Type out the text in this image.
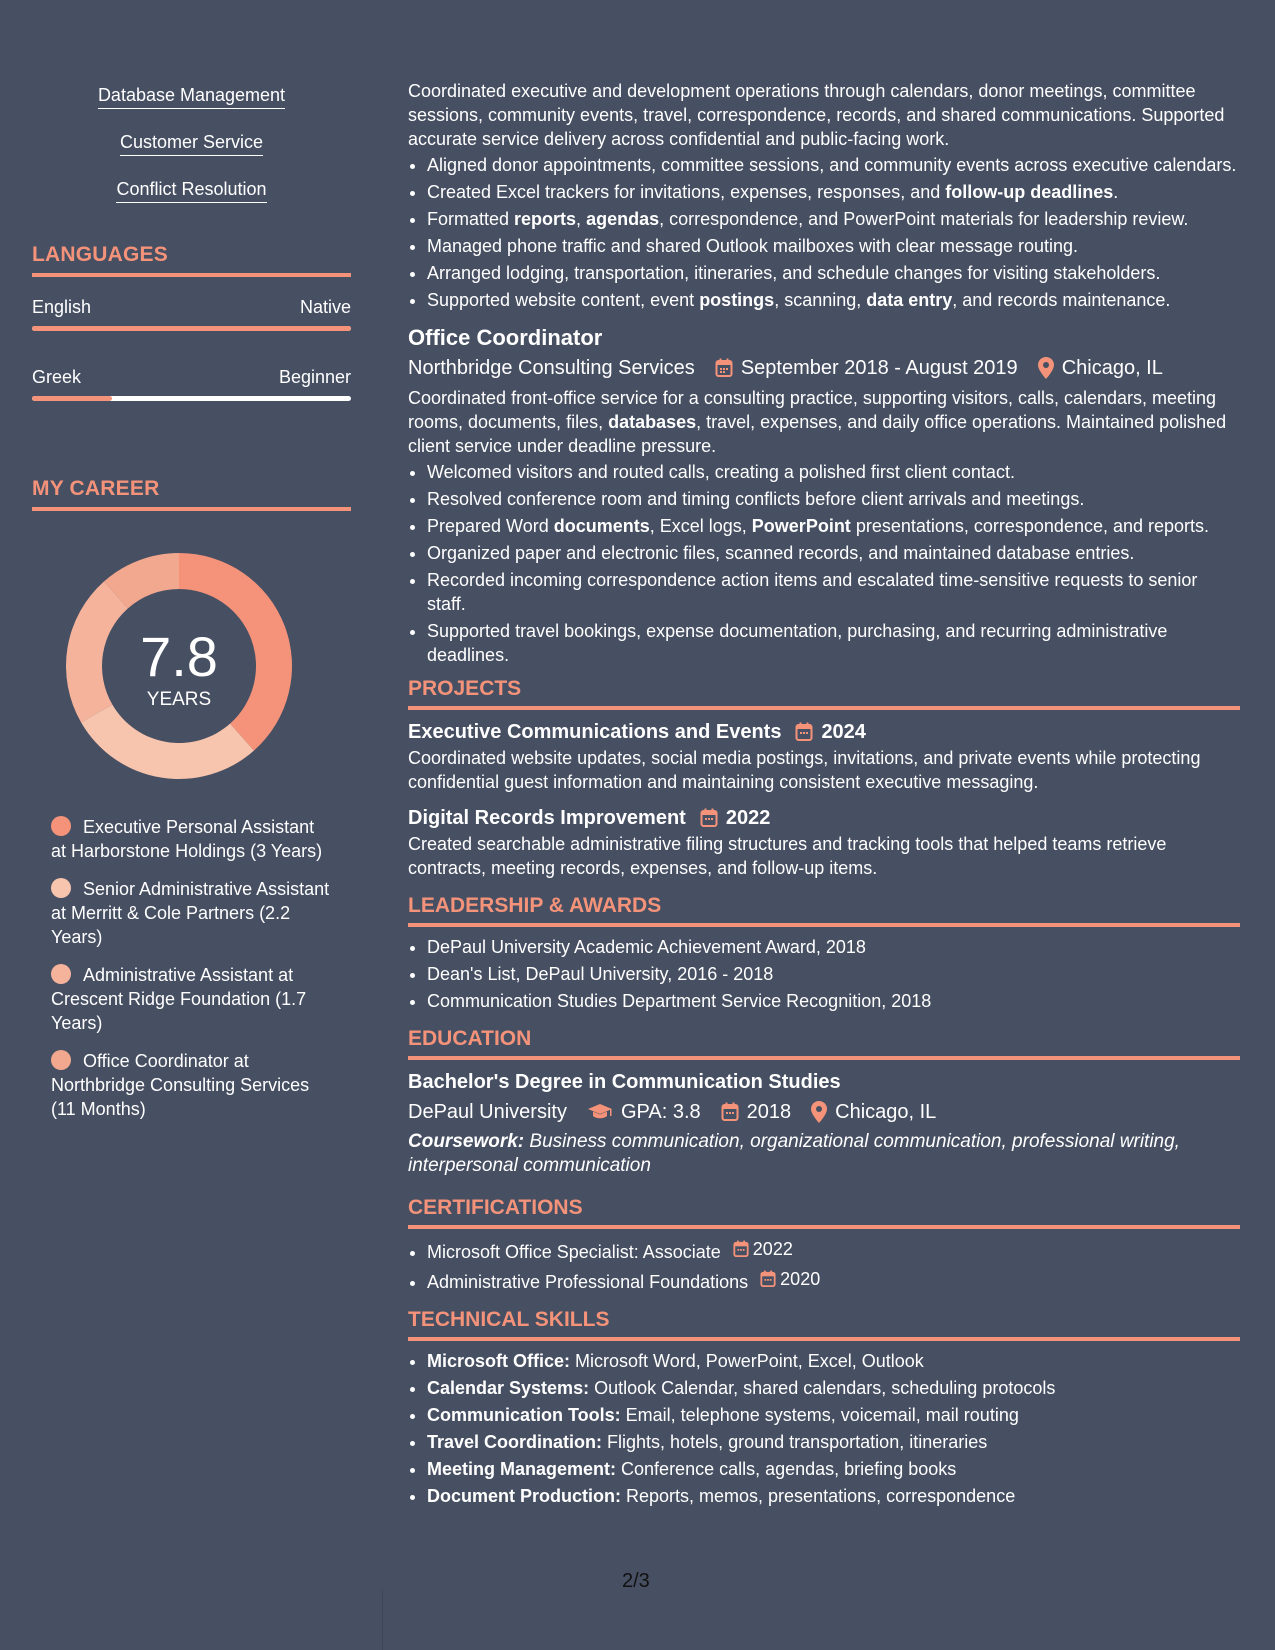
Database Management
Customer Service
Conflict Resolution
LANGUAGES
English	Native
Greek	Beginner
MY CAREER
7.8
YEARS
Executive Personal Assistant at Harborstone Holdings (3 Years)
Senior Administrative Assistant at Merritt & Cole Partners (2.2 Years)
Administrative Assistant at Crescent Ridge Foundation (1.7 Years)
Office Coordinator at Northbridge Consulting Services (11 Months)

Coordinated executive and development operations through calendars, donor meetings, committee sessions, community events, travel, correspondence, records, and shared communications. Supported accurate service delivery across confidential and public-facing work.

• Aligned donor appointments, committee sessions, and community events across executive calendars.
• Created Excel trackers for invitations, expenses, responses, and follow-up deadlines.
• Formatted reports, agendas, correspondence, and PowerPoint materials for leadership review.
• Managed phone traffic and shared Outlook mailboxes with clear message routing.
• Arranged lodging, transportation, itineraries, and schedule changes for visiting stakeholders.
• Supported website content, event postings, scanning, data entry, and records maintenance.
Office Coordinator
Northbridge Consulting Services September 2018 - August 2019 Chicago, IL

Coordinated front-office service for a consulting practice, supporting visitors, calls, calendars, meeting rooms, documents, files, databases, travel, expenses, and daily office operations. Maintained polished client service under deadline pressure.

• Welcomed visitors and routed calls, creating a polished first client contact.
• Resolved conference room and timing conflicts before client arrivals and meetings.
• Prepared Word documents, Excel logs, PowerPoint presentations, correspondence, and reports.
• Organized paper and electronic files, scanned records, and maintained database entries.
• Recorded incoming correspondence action items and escalated time-sensitive requests to senior staff.
• Supported travel bookings, expense documentation, purchasing, and recurring administrative deadlines.
PROJECTS
Executive Communications and Events 2024

Coordinated website updates, social media postings, invitations, and private events while protecting confidential guest information and maintaining consistent executive messaging.

Digital Records Improvement 2022

Created searchable administrative filing structures and tracking tools that helped teams retrieve contracts, meeting records, expenses, and follow-up items.

LEADERSHIP & AWARDS
• DePaul University Academic Achievement Award, 2018
• Dean's List, DePaul University, 2016 - 2018
• Communication Studies Department Service Recognition, 2018
EDUCATION
Bachelor's Degree in Communication Studies
DePaul University	GPA: 3.8 2018 Chicago, IL

Coursework: Business communication, organizational communication, professional writing, interpersonal communication

CERTIFICATIONS
• Microsoft Office Specialist: Associate 2022
• Administrative Professional Foundations 2020
TECHNICAL SKILLS
• Microsoft Office: Microsoft Word, PowerPoint, Excel, Outlook
• Calendar Systems: Outlook Calendar, shared calendars, scheduling protocols
• Communication Tools: Email, telephone systems, voicemail, mail routing
• Travel Coordination: Flights, hotels, ground transportation, itineraries
• Meeting Management: Conference calls, agendas, briefing books
• Document Production: Reports, memos, presentations, correspondence
2/3
